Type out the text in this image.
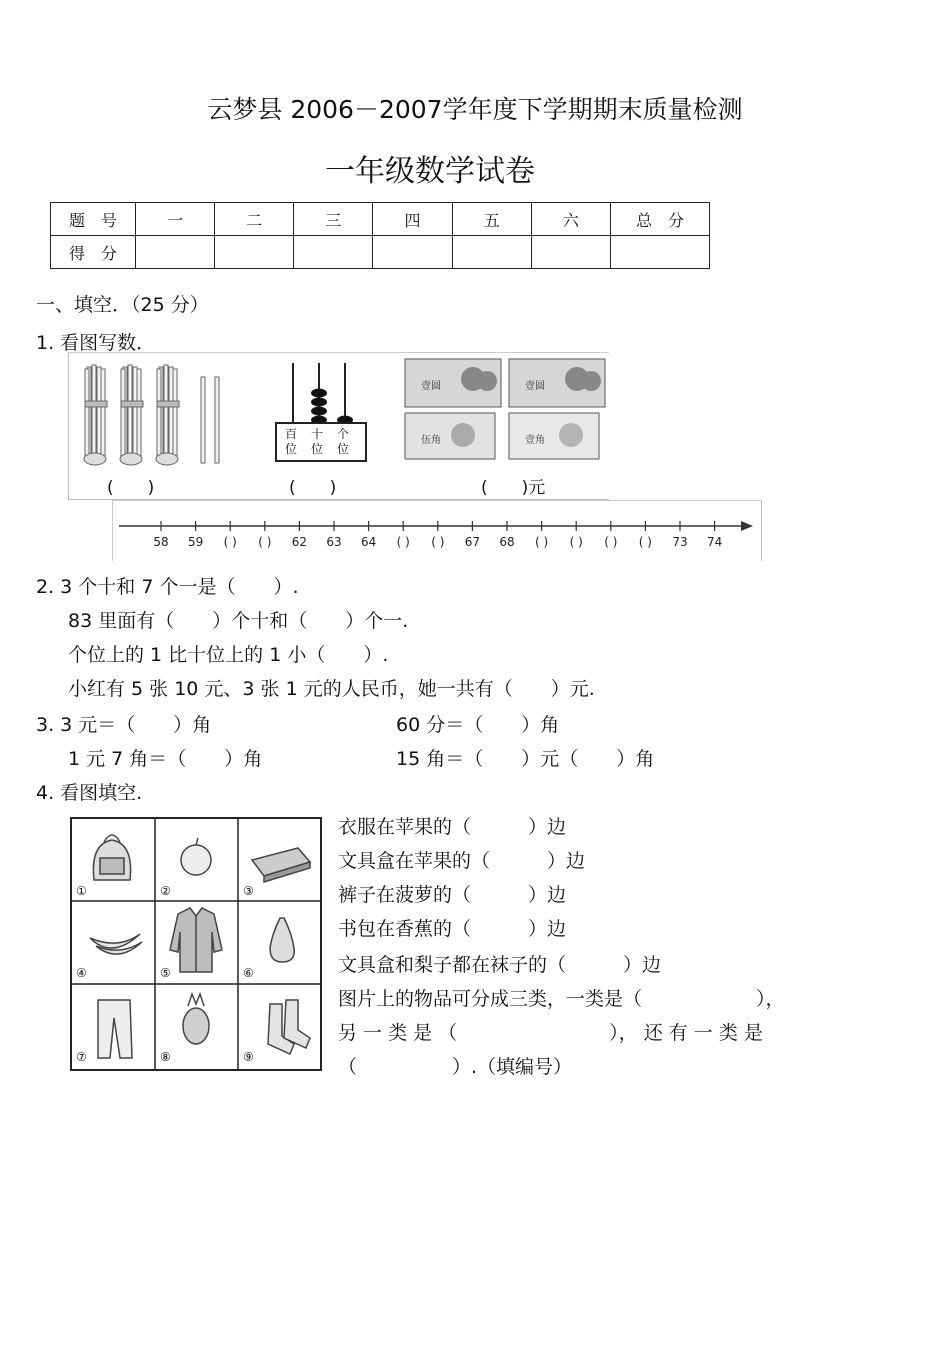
云梦县 2006－2007学年度下学期期末质量检测
一年级数学试卷
题　号	一	二	三	四	五	六	总　分
得　分							
一、填空．（25 分）
1. 看图写数．
百
位
十
位
个
位
壹圆	壹圆
伍角	壹角
(　　)	(　　)	(　　)元
58 59 ( ) ( ) 62 63 64 ( ) ( ) 67 68 ( ) ( ) ( ) ( ) 73 74
2. 3 个十和 7 个一是（　　）.
83 里面有（　　）个十和（　　）个一.
个位上的 1 比十位上的 1 小（　　）.
小红有 5 张 10 元、3 张 1 元的人民币，她一共有（　　）元.
3. 3 元＝（　　）角	60 分＝（　　）角
1 元 7 角＝（　　）角	15 角＝（　　）元（　　）角
4. 看图填空.
①	②	③
④	⑤	⑥
⑦	⑧	⑨
衣服在苹果的（　　　）边
文具盒在苹果的（　　　）边
裤子在菠萝的（　　　）边
书包在香蕉的（　　　）边
文具盒和梨子都在袜子的（　　　）边
图片上的物品可分成三类，一类是（　　　　　　），
另 一 类 是 （　　　　　　　　）， 还 有 一 类 是
（　　　　　）.（填编号）
